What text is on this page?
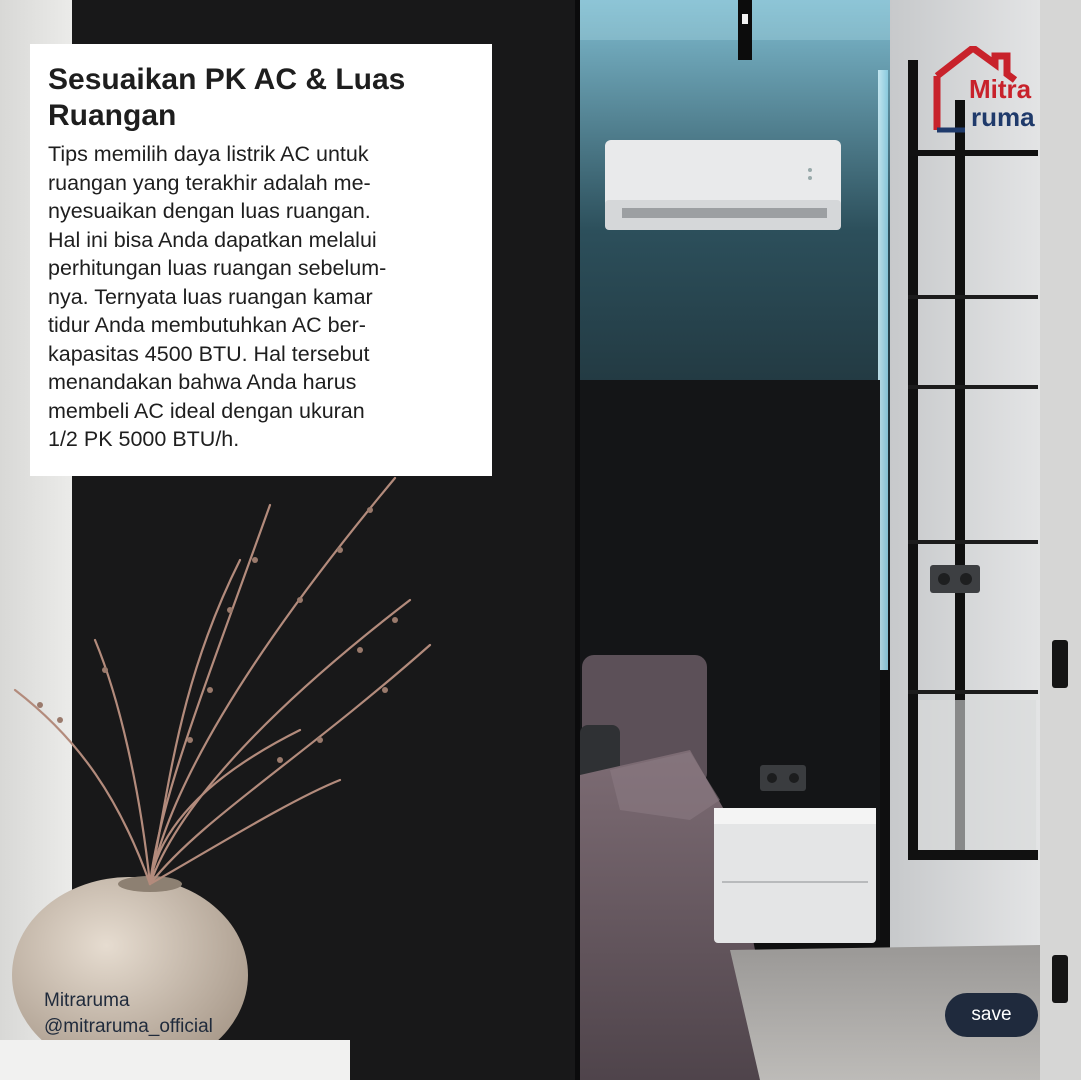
Sesuaikan PK AC & Luas Ruangan
Tips memilih daya listrik AC untuk
ruangan yang terakhir adalah me-
nyesuaikan dengan luas ruangan.
Hal ini bisa Anda dapatkan melalui
perhitungan luas ruangan sebelum-
nya. Ternyata luas ruangan kamar
tidur Anda membutuhkan AC ber-
kapasitas 4500 BTU. Hal tersebut
menandakan bahwa Anda harus
membeli AC ideal dengan ukuran
1/2 PK 5000 BTU/h.
Mitra
ruma
Mitraruma
@mitraruma_official
save
